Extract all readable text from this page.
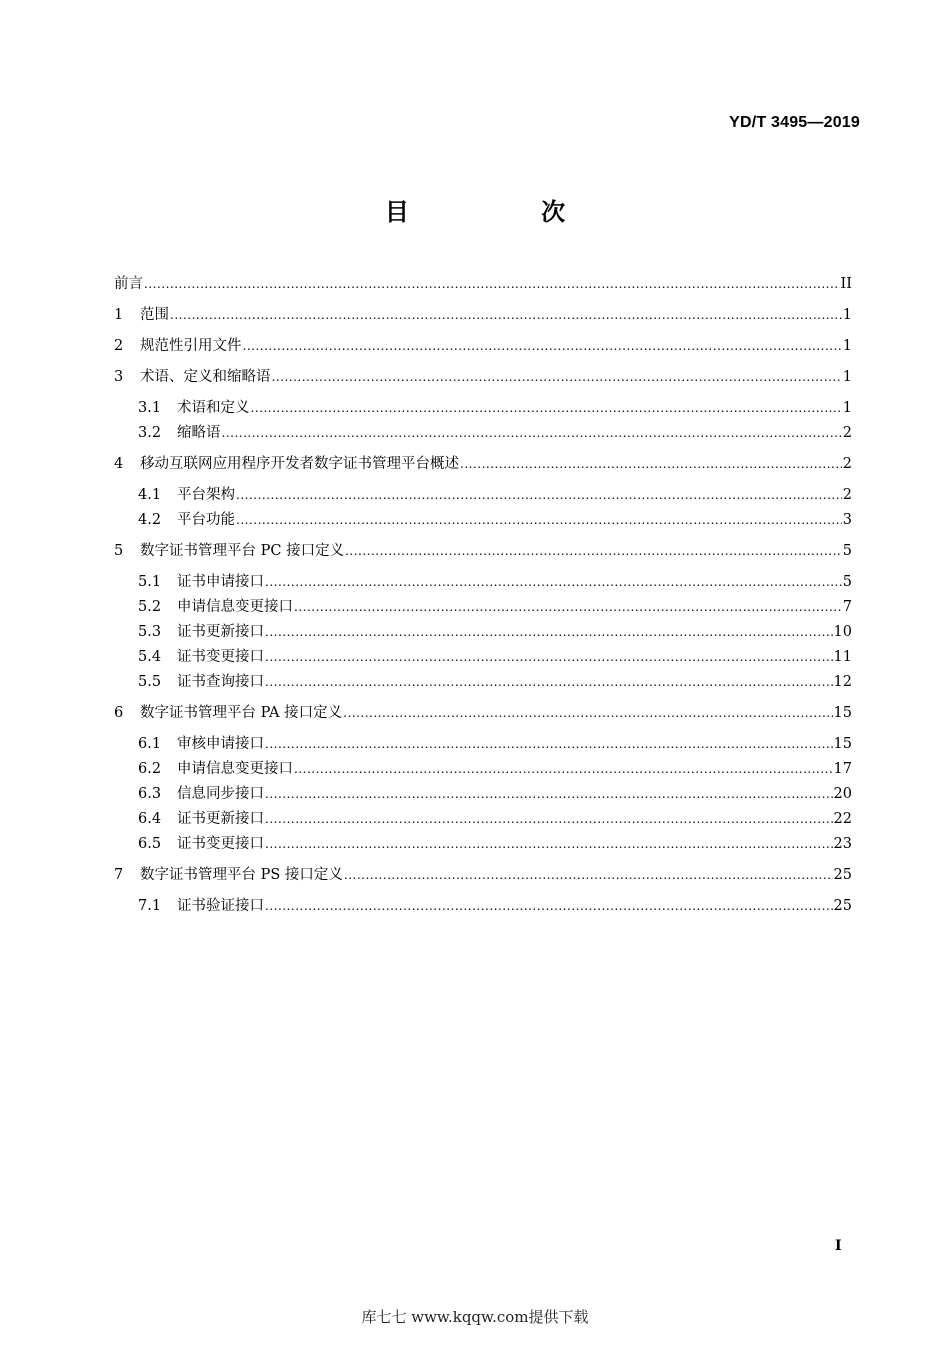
YD/T 3495—2019
目 次
前言 .....	II
1	范围 .....	1
2	规范性引用文件 .....	1
3	术语、定义和缩略语 .....	1
3.1	术语和定义 .....	1
3.2	缩略语 .....	2
4	移动互联网应用程序开发者数字证书管理平台概述 .....	2
4.1	平台架构 .....	2
4.2	平台功能 .....	3
5	数字证书管理平台 PC 接口定义 .....	5
5.1	证书申请接口 .....	5
5.2	申请信息变更接口 .....	7
5.3	证书更新接口 .....	10
5.4	证书变更接口 .....	11
5.5	证书查询接口 .....	12
6	数字证书管理平台 PA 接口定义 .....	15
6.1	审核申请接口 .....	15
6.2	申请信息变更接口 .....	17
6.3	信息同步接口 .....	20
6.4	证书更新接口 .....	22
6.5	证书变更接口 .....	23
7	数字证书管理平台 PS 接口定义 .....	25
7.1	证书验证接口 .....	25
I
库七七 www.kqqw.com提供下载
